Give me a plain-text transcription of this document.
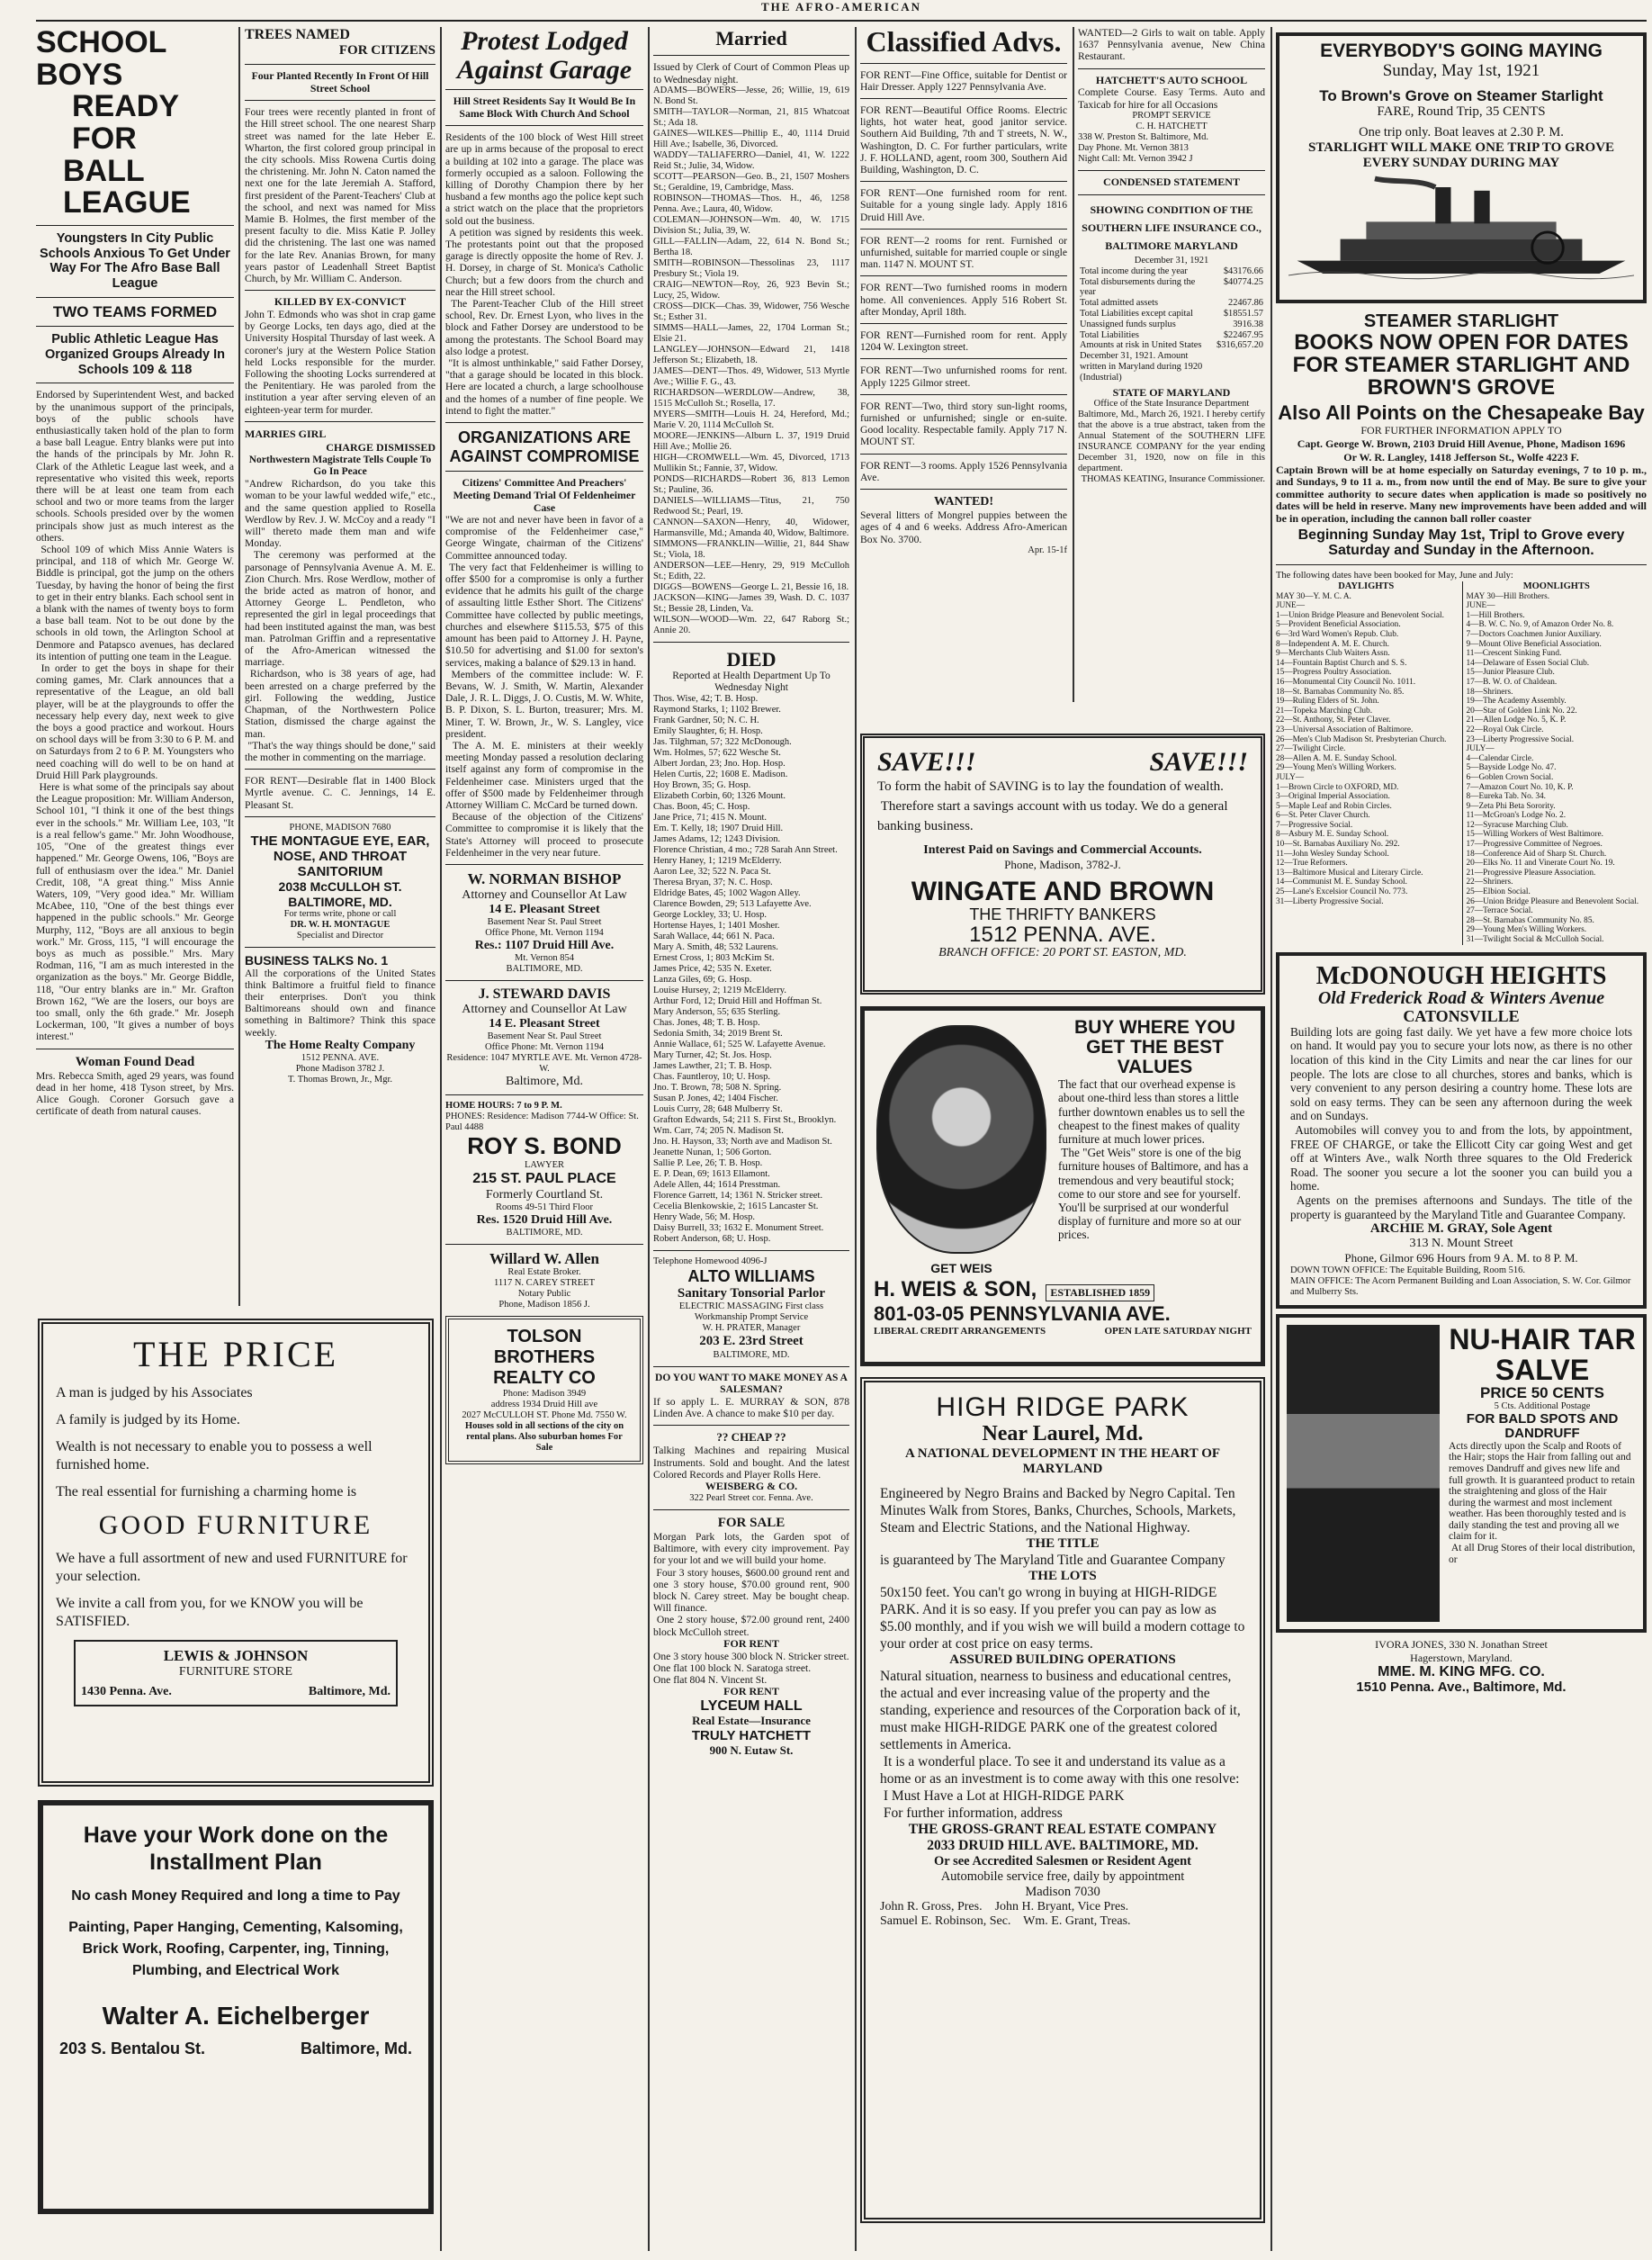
THE AFRO-AMERICAN
SCHOOL BOYS
READY FOR
BALL LEAGUE
Youngsters In City Public Schools Anxious To Get Under Way For The Afro Base Ball League
TWO TEAMS FORMED
Public Athletic League Has Organized Groups Already In Schools 109 & 118
Endorsed by Superintendent West, and backed by the unanimous support of the principals, boys of the public schools have enthusiastically taken hold of the plan to form a base ball League. Entry blanks were put into the hands of the principals by Mr. John R. Clark of the Athletic League last week, and a representative who visited this week, reports there will be at least one team from each school and two or more teams from the larger schools. Schools presided over by the women principals show just as much interest as the others.
School 109 of which Miss Annie Waters is principal, and 118 of which Mr. George W. Biddle is principal, got the jump on the others Tuesday, by having the honor of being the first to get in their entry blanks. Each school sent in a blank with the names of twenty boys to form a base ball team. Not to be out done by the schools in old town, the Arlington School at Denmore and Patapsco avenues, has declared its intention of putting one team in the League.
In order to get the boys in shape for their coming games, Mr. Clark announces that a representative of the League, an old ball player, will be at the playgrounds to offer the necessary help every day, next week to give the boys a good practice and workout. Hours on school days will be from 3:30 to 6 P. M. and on Saturdays from 2 to 6 P. M. Youngsters who need coaching will do well to be on hand at Druid Hill Park playgrounds.
Here is what some of the principals say about the League proposition: Mr. William Anderson, School 101, "I think it one of the best things ever in the schools." Mr. William Lee, 103, "It is a real fellow's game." Mr. John Woodhouse, 105, "One of the greatest things ever happened." Mr. George Owens, 106, "Boys are full of enthusiasm over the idea." Mr. Daniel Credit, 108, "A great thing." Miss Annie Waters, 109, "Very good idea." Mr. William McAbee, 110, "One of the best things ever happened in the public schools." Mr. George Murphy, 112, "Boys are all anxious to begin work." Mr. Gross, 115, "I will encourage the boys as much as possible." Mrs. Mary Rodman, 116, "I am as much interested in the organization as the boys." Mr. George Biddle, 118, "Our entry blanks are in." Mr. Grafton Brown 162, "We are the losers, our boys are too small, only the 6th grade." Mr. Joseph Lockerman, 100, "It gives a number of boys interest."
Woman Found Dead
Mrs. Rebecca Smith, aged 29 years, was found dead in her home, 418 Tyson street, by Mrs. Alice Gough. Coroner Gorsuch gave a certificate of death from natural causes.
THE PRICE
A man is judged by his Associates
A family is judged by its Home.
Wealth is not necessary to enable you to possess a well furnished home.
The real essential for furnishing a charming home is
GOOD FURNITURE
We have a full assortment of new and used FURNITURE for your selection.
We invite a call from you, for we KNOW you will be SATISFIED.
LEWIS & JOHNSON
FURNITURE STORE
1430 Penna. Ave.	Baltimore, Md.
Have your Work done on the Installment Plan
No cash Money Required and long a time to Pay
Painting, Paper Hanging, Cementing, Kalsoming, Brick Work, Roofing, Carpenter, ing, Tinning, Plumbing, and Electrical Work
Walter A. Eichelberger
203 S. Bentalou St.	Baltimore, Md.
TREES NAMED
FOR CITIZENS
Four Planted Recently In Front Of Hill Street School
Four trees were recently planted in front of the Hill street school. The one nearest Sharp street was named for the late Heber E. Wharton, the first colored group principal in the city schools. Miss Rowena Curtis doing the christening. Mr. John N. Caton named the next one for the late Jeremiah A. Stafford, first president of the Parent-Teachers' Club at the school, and next was named for Miss Mamie B. Holmes, the first member of the present faculty to die. Miss Katie P. Jolley did the christening. The last one was named for the late Rev. Ananias Brown, for many years pastor of Leadenhall Street Baptist Church, by Mr. William C. Anderson.
KILLED BY EX-CONVICT
John T. Edmonds who was shot in crap game by George Locks, ten days ago, died at the University Hospital Thursday of last week. A coroner's jury at the Western Police Station held Locks responsible for the murder. Following the shooting Locks surrendered at the Penitentiary. He was paroled from the institution a year after serving eleven of an eighteen-year term for murder.
MARRIES GIRL
CHARGE DISMISSED
Northwestern Magistrate Tells Couple To Go In Peace
"Andrew Richardson, do you take this woman to be your lawful wedded wife," etc., and the same question applied to Rosella Werdlow by Rev. J. W. McCoy and a ready "I will" thereto made them man and wife Monday.
The ceremony was performed at the parsonage of Pennsylvania Avenue A. M. E. Zion Church. Mrs. Rose Werdlow, mother of the bride acted as matron of honor, and Attorney George L. Pendleton, who represented the girl in legal proceedings that had been instituted against the man, was best man. Patrolman Griffin and a representative of the Afro-American witnessed the marriage.
Richardson, who is 38 years of age, had been arrested on a charge preferred by the girl. Following the wedding, Justice Chapman, of the Northwestern Police Station, dismissed the charge against the man.
"That's the way things should be done," said the mother in commenting on the marriage.
FOR RENT—Desirable flat in 1400 Block Myrtle avenue. C. C. Jennings, 14 E. Pleasant St.
PHONE, MADISON 7680
THE MONTAGUE EYE, EAR, NOSE, AND THROAT SANITORIUM
2038 McCULLOH ST.
BALTIMORE, MD.
For terms write, phone or call
DR. W. H. MONTAGUE
Specialist and Director
BUSINESS TALKS No. 1
All the corporations of the United States think Baltimore a fruitful field to finance their enterprises. Don't you think Baltimoreans should own and finance something in Baltimore? Think this space weekly.
The Home Realty Company
1512 PENNA. AVE.
Phone Madison 3782 J.
T. Thomas Brown, Jr., Mgr.
Protest Lodged Against Garage
Hill Street Residents Say It Would Be In Same Block With Church And School
Residents of the 100 block of West Hill street are up in arms because of the proposal to erect a building at 102 into a garage. The place was formerly occupied as a saloon. Following the killing of Dorothy Champion there by her husband a few months ago the police kept such a strict watch on the place that the proprietors sold out the business.
A petition was signed by residents this week. The protestants point out that the proposed garage is directly opposite the home of Rev. J. H. Dorsey, in charge of St. Monica's Catholic Church; but a few doors from the church and near the Hill street school.
The Parent-Teacher Club of the Hill street school, Rev. Dr. Ernest Lyon, who lives in the block and Father Dorsey are understood to be among the protestants. The School Board may also lodge a protest.
"It is almost unthinkable," said Father Dorsey, "that a garage should be located in this block. Here are located a church, a large schoolhouse and the homes of a number of fine people. We intend to fight the matter."
ORGANIZATIONS ARE AGAINST COMPROMISE
Citizens' Committee And Preachers' Meeting Demand Trial Of Feldenheimer Case
"We are not and never have been in favor of a compromise of the Feldenheimer case," George Wingate, chairman of the Citizens' Committee announced today.
The very fact that Feldenheimer is willing to offer $500 for a compromise is only a further evidence that he admits his guilt of the charge of assaulting little Esther Short. The Citizens' Committee have collected by public meetings, churches and elsewhere $115.53, $75 of this amount has been paid to Attorney J. H. Payne, $10.50 for advertising and $1.00 for sexton's services, making a balance of $29.13 in hand.
Members of the committee include: W. F. Bevans, W. J. Smith, W. Martin, Alexander Dale, J. R. L. Diggs, J. O. Custis, M. W. White, B. P. Dixon, S. L. Burton, treasurer; Mrs. M. Miner, T. W. Brown, Jr., W. S. Langley, vice president.
The A. M. E. ministers at their weekly meeting Monday passed a resolution declaring itself against any form of compromise in the Feldenheimer case. Ministers urged that the offer of $500 made by Feldenheimer through Attorney William C. McCard be turned down.
Because of the objection of the Citizens' Committee to compromise it is likely that the State's Attorney will proceed to prosecute Feldenheimer in the very near future.
W. NORMAN BISHOP
Attorney and Counsellor At Law
14 E. Pleasant Street
Basement Near St. Paul Street
Office Phone, Mt. Vernon 1194
Res.: 1107 Druid Hill Ave.
Mt. Vernon 854
BALTIMORE, MD.
J. STEWARD DAVIS
Attorney and Counsellor At Law
14 E. Pleasant Street
Basement Near St. Paul Street
Office Phone: Mt. Vernon 1194
Residence: 1047 MYRTLE AVE. Mt. Vernon 4728-W.
Baltimore, Md.
HOME HOURS: 7 to 9 P. M.
PHONES: Residence: Madison 7744-W Office: St. Paul 4488
ROY S. BOND
LAWYER
215 ST. PAUL PLACE
Formerly Courtland St.
Rooms 49-51 Third Floor
Res. 1520 Druid Hill Ave.
BALTIMORE, MD.
Willard W. Allen
Real Estate Broker.
1117 N. CAREY STREET
Notary Public
Phone, Madison 1856 J.
TOLSON BROTHERS REALTY CO
Phone: Madison 3949
address 1934 Druid Hill ave
2027 McCULLOH ST. Phone Md. 7550 W.
Houses sold in all sections of the city on rental plans. Also suburban homes For Sale
Married
Issued by Clerk of Court of Common Pleas up to Wednesday night.
ADAMS—BOWERS—Jesse, 26; Willie, 19, 619 N. Bond St.
SMITH—TAYLOR—Norman, 21, 815 Whatcoat St.; Ada 18.
GAINES—WILKES—Phillip E., 40, 1114 Druid Hill Ave.; Isabelle, 36, Divorced.
WADDY—TALIAFERRO—Daniel, 41, W. 1222 Reid St.; Julie, 34, Widow.
SCOTT—PEARSON—Geo. B., 21, 1507 Moshers St.; Geraldine, 19, Cambridge, Mass.
ROBINSON—THOMAS—Thos. H., 46, 1258 Penna. Ave.; Laura, 40, Widow.
COLEMAN—JOHNSON—Wm. 40, W. 1715 Division St.; Julia, 39, W.
GILL—FALLIN—Adam, 22, 614 N. Bond St.; Bertha 18.
SMITH—ROBINSON—Thessolinas 23, 1117 Presbury St.; Viola 19.
CRAIG—NEWTON—Roy, 26, 923 Bevin St.; Lucy, 25, Widow.
CROSS—DICK—Chas. 39, Widower, 756 Wesche St.; Esther 31.
SIMMS—HALL—James, 22, 1704 Lorman St.; Elsie 21.
LANGLEY—JOHNSON—Edward 21, 1418 Jefferson St.; Elizabeth, 18.
JAMES—DENT—Thos. 49, Widower, 513 Myrtle Ave.; Willie F. G., 43.
RICHARDSON—WERDLOW—Andrew, 38, 1515 McCulloh St.; Rosella, 17.
MYERS—SMITH—Louis H. 24, Hereford, Md.; Marie V. 20, 1114 McCulloh St.
MOORE—JENKINS—Alburn L. 37, 1919 Druid Hill Ave.; Mollie 26.
HIGH—CROMWELL—Wm. 45, Divorced, 1713 Mullikin St.; Fannie, 37, Widow.
PONDS—RICHARDS—Robert 36, 813 Lemon St.; Pauline, 36.
DANIELS—WILLIAMS—Titus, 21, 750 Redwood St.; Pearl, 19.
CANNON—SAXON—Henry, 40, Widower, Harmansville, Md.; Amanda 40, Widow, Baltimore.
SIMMONS—FRANKLIN—Willie, 21, 844 Shaw St.; Viola, 18.
ANDERSON—LEE—Henry, 29, 919 McCulloh St.; Edith, 22.
DIGGS—BOWENS—George L. 21, Bessie 16, 18.
JACKSON—KING—James 39, Wash. D. C. 1037 St.; Bessie 28, Linden, Va.
WILSON—WOOD—Wm. 22, 647 Raborg St.; Annie 20.
DIED
Reported at Health Department Up To Wednesday Night
Thos. Wise, 42; T. B. Hosp.
Raymond Starks, 1; 1102 Brewer.
Frank Gardner, 50; N. C. H.
Emily Slaughter, 6; H. Hosp.
Jas. Tilghman, 57; 322 McDonough.
Wm. Holmes, 57; 622 Wesche St.
Albert Jordan, 23; Jno. Hop. Hosp.
Helen Curtis, 22; 1608 E. Madison.
Hoy Brown, 35; G. Hosp.
Elizabeth Corbin, 60; 1326 Mount.
Chas. Boon, 45; C. Hosp.
Jane Price, 71; 415 N. Mount.
Em. T. Kelly, 18; 1907 Druid Hill.
James Adams, 12; 1243 Division.
Florence Christian, 4 mo.; 728 Sarah Ann Street.
Henry Haney, 1; 1219 McElderry.
Aaron Lee, 32; 522 N. Paca St.
Theresa Bryan, 37; N. C. Hosp.
Eldridge Bates, 45; 1002 Wagon Alley.
Clarence Bowden, 29; 513 Lafayette Ave.
George Lockley, 33; U. Hosp.
Hortense Hayes, 1; 1401 Mosher.
Sarah Wallace, 44; 661 N. Paca.
Mary A. Smith, 48; 532 Laurens.
Ernest Cross, 1; 803 McKim St.
James Price, 42; 535 N. Exeter.
Lanza Giles, 69; G. Hosp.
Louise Hursey, 2; 1219 McElderry.
Arthur Ford, 12; Druid Hill and Hoffman St.
Mary Anderson, 55; 635 Sterling.
Chas. Jones, 48; T. B. Hosp.
Sedonia Smith, 34; 2019 Brent St.
Annie Wallace, 61; 525 W. Lafayette Avenue.
Mary Turner, 42; St. Jos. Hosp.
James Lawther, 21; T. B. Hosp.
Chas. Fauntleroy, 10; U. Hosp.
Jno. T. Brown, 78; 508 N. Spring.
Susan P. Jones, 42; 1404 Fischer.
Louis Curry, 28; 648 Mulberry St.
Grafton Edwards, 54; 211 S. First St., Brooklyn.
Wm. Carr, 74; 205 N. Madison St.
Jno. H. Hayson, 33; North ave and Madison St.
Jeanette Nunan, 1; 506 Gorton.
Sallie P. Lee, 26; T. B. Hosp.
E. P. Dean, 69; 1613 Ellamont.
Adele Allen, 44; 1614 Presstman.
Florence Garrett, 14; 1361 N. Stricker street.
Cecelia Blenkowskie, 2; 1615 Lancaster St.
Henry Wade, 56; M. Hosp.
Daisy Burrell, 33; 1632 E. Monument Street.
Robert Anderson, 68; U. Hosp.
Telephone Homewood 4096-J
ALTO WILLIAMS
Sanitary Tonsorial Parlor
ELECTRIC MASSAGING First class Workmanship Prompt Service
W. H. PRATER, Manager
203 E. 23rd Street
BALTIMORE, MD.
DO YOU WANT TO MAKE MONEY AS A SALESMAN?
If so apply L. E. MURRAY & SON, 878 Linden Ave. A chance to make $10 per day.
?? CHEAP ??
Talking Machines and repairing Musical Instruments. Sold and bought. And the latest Colored Records and Player Rolls Here.
WEISBERG & CO.
322 Pearl Street cor. Fenna. Ave.
FOR SALE
Morgan Park lots, the Garden spot of Baltimore, with every city improvement. Pay for your lot and we will build your home.
Four 3 story houses, $600.00 ground rent and one 3 story house, $70.00 ground rent, 900 block N. Carey street. May be bought cheap. Will finance.
One 2 story house, $72.00 ground rent, 2400 block McCulloh street.
FOR RENT
One 3 story house 300 block N. Stricker street.
One flat 100 block N. Saratoga street.
One flat 804 N. Vincent St.
FOR RENT
LYCEUM HALL
Real Estate—Insurance
TRULY HATCHETT
900 N. Eutaw St.
Classified Advs.
FOR RENT—Fine Office, suitable for Dentist or Hair Dresser. Apply 1227 Pennsylvania Ave.
FOR RENT—Beautiful Office Rooms. Electric lights, hot water heat, good janitor service. Southern Aid Building, 7th and T streets, N. W., Washington, D. C. For further particulars, write J. F. HOLLAND, agent, room 300, Southern Aid Building, Washington, D. C.
FOR RENT—One furnished room for rent. Suitable for a young single lady. Apply 1816 Druid Hill Ave.
FOR RENT—2 rooms for rent. Furnished or unfurnished, suitable for married couple or single man. 1147 N. MOUNT ST.
FOR RENT—Two furnished rooms in modern home. All conveniences. Apply 516 Robert St. after Monday, April 18th.
FOR RENT—Furnished room for rent. Apply 1204 W. Lexington street.
FOR RENT—Two unfurnished rooms for rent. Apply 1225 Gilmor street.
FOR RENT—Two, third story sun-light rooms, furnished or unfurnished; single or en-suite. Good locality. Respectable family. Apply 717 N. MOUNT ST.
FOR RENT—3 rooms. Apply 1526 Pennsylvania Ave.
WANTED!
Several litters of Mongrel puppies between the ages of 4 and 6 weeks. Address Afro-American Box No. 3700.
Apr. 15-1f
WANTED—2 Girls to wait on table. Apply 1637 Pennsylvania avenue, New China Restaurant.
HATCHETT'S AUTO SCHOOL
Complete Course. Easy Terms. Auto and Taxicab for hire for all Occasions
PROMPT SERVICE
C. H. HATCHETT
338 W. Preston St. Baltimore, Md.
Day Phone. Mt. Vernon 3813
Night Call: Mt. Vernon 3942 J
CONDENSED STATEMENT
SHOWING CONDITION OF THE SOUTHERN LIFE INSURANCE CO., BALTIMORE MARYLAND
December 31, 1921
Total income during the year	$43176.66
Total disbursements during the year	$40774.25
Total admitted assets	22467.86
Total Liabilities except capital	$18551.57
Unassigned funds surplus	3916.38
Total Liabilities	$22467.95
Amounts at risk in United States December 31, 1921. Amount written in Maryland during 1920 (Industrial)	$316,657.20
STATE OF MARYLAND
Office of the State Insurance Department
Baltimore, Md., March 26, 1921. I hereby certify that the above is a true abstract, taken from the Annual Statement of the SOUTHERN LIFE INSURANCE COMPANY for the year ending December 31, 1920, now on file in this department.
THOMAS KEATING, Insurance Commissioner.
SAVE!!!	SAVE!!!
To form the habit of SAVING is to lay the foundation of wealth.
Therefore start a savings account with us today. We do a general banking business.
Interest Paid on Savings and Commercial Accounts.
Phone, Madison, 3782-J.
WINGATE AND BROWN
THE THRIFTY BANKERS
1512 PENNA. AVE.
BRANCH OFFICE: 20 PORT ST. EASTON, MD.
GET WEIS
BUY WHERE YOU GET THE BEST VALUES
The fact that our overhead expense is about one-third less than stores a little further downtown enables us to sell the cheapest to the finest makes of quality furniture at much lower prices.
The "Get Weis" store is one of the big furniture houses of Baltimore, and has a tremendous and very beautiful stock; come to our store and see for yourself. You'll be surprised at our wonderful display of furniture and more so at our prices.
H. WEIS & SON,	ESTABLISHED 1859
801-03-05 PENNSYLVANIA AVE.
LIBERAL CREDIT ARRANGEMENTS	OPEN LATE SATURDAY NIGHT
HIGH RIDGE PARK
Near Laurel, Md.
A NATIONAL DEVELOPMENT IN THE HEART OF MARYLAND
Engineered by Negro Brains and Backed by Negro Capital. Ten Minutes Walk from Stores, Banks, Churches, Schools, Markets, Steam and Electric Stations, and the National Highway.
THE TITLE
is guaranteed by The Maryland Title and Guarantee Company
THE LOTS
50x150 feet. You can't go wrong in buying at HIGH-RIDGE PARK. And it is so easy. If you prefer you can pay as low as $5.00 monthly, and if you wish we will build a modern cottage to your order at cost price on easy terms.
ASSURED BUILDING OPERATIONS
Natural situation, nearness to business and educational centres, the actual and ever increasing value of the property and the standing, experience and resources of the Corporation back of it, must make HIGH-RIDGE PARK one of the greatest colored settlements in America.
It is a wonderful place. To see it and understand its value as a home or as an investment is to come away with this one resolve:
I Must Have a Lot at HIGH-RIDGE PARK
For further information, address
THE GROSS-GRANT REAL ESTATE COMPANY
2033 DRUID HILL AVE. BALTIMORE, MD.
Or see Accredited Salesmen or Resident Agent
Automobile service free, daily by appointment
Madison 7030
John R. Gross, Pres.    John H. Bryant, Vice Pres.
Samuel E. Robinson, Sec.    Wm. E. Grant, Treas.
EVERYBODY'S GOING MAYING
Sunday, May 1st, 1921
To Brown's Grove on Steamer Starlight
FARE, Round Trip, 35 CENTS
One trip only. Boat leaves at 2.30 P. M.
STARLIGHT WILL MAKE ONE TRIP TO GROVE
EVERY SUNDAY DURING MAY
STEAMER STARLIGHT
BOOKS NOW OPEN FOR DATES
FOR STEAMER STARLIGHT AND BROWN'S GROVE
Also All Points on the Chesapeake Bay
FOR FURTHER INFORMATION APPLY TO
Capt. George W. Brown, 2103 Druid Hill Avenue, Phone, Madison 1696
Or W. R. Langley, 1418 Jefferson St., Wolfe 4223 F.
Captain Brown will be at home especially on Saturday evenings, 7 to 10 p. m., and Sundays, 9 to 11 a. m., from now until the end of May. Be sure to give your committee authority to secure dates when application is made so positively no dates will be held in reserve. Many new improvements have been added and will be in operation, including the cannon ball roller coaster
Beginning Sunday May 1st, Tripl to Grove every Saturday and Sunday in the Afternoon.
The following dates have been booked for May, June and July:
DAYLIGHTS
MAY 30—Y. M. C. A.
JUNE—
1—Union Bridge Pleasure and Benevolent Social.
5—Provident Beneficial Association.
6—3rd Ward Women's Repub. Club.
8—Independent A. M. E. Church.
9—Merchants Club Waiters Assn.
14—Fountain Baptist Church and S. S.
15—Progress Poultry Association.
16—Monumental City Council No. 1011.
18—St. Barnabas Community No. 85.
19—Ruling Elders of St. John.
21—Topeka Marching Club.
22—St. Anthony, St. Peter Claver.
23—Universal Association of Baltimore.
26—Men's Club Madison St. Presbyterian Church.
27—Twilight Circle.
28—Allen A. M. E. Sunday School.
29—Young Men's Willing Workers.
JULY—
1—Brown Circle to OXFORD, MD.
3—Original Imperial Association.
5—Maple Leaf and Robin Circles.
6—St. Peter Claver Church.
7—Progressive Social.
8—Asbury M. E. Sunday School.
10—St. Barnabas Auxiliary No. 292.
11—John Wesley Sunday School.
12—True Reformers.
13—Baltimore Musical and Literary Circle.
14—Communist M. E. Sunday School.
25—Lane's Excelsior Council No. 773.
31—Liberty Progressive Social.
MOONLIGHTS
MAY 30—Hill Brothers.
JUNE—
1—Hill Brothers.
4—B. W. C. No. 9, of Amazon Order No. 8.
7—Doctors Coachmen Junior Auxiliary.
9—Mount Olive Beneficial Association.
11—Crescent Sinking Fund.
14—Delaware of Essen Social Club.
15—Junior Pleasure Club.
17—B. W. O. of Chaldean.
18—Shriners.
19—The Academy Assembly.
20—Star of Golden Link No. 22.
21—Allen Lodge No. 5, K. P.
22—Royal Oak Circle.
23—Liberty Progressive Social.
JULY—
4—Calendar Circle.
5—Bayside Lodge No. 47.
6—Goblen Crown Social.
7—Amazon Court No. 10, K. P.
8—Eureka Tab. No. 34.
9—Zeta Phi Beta Sorority.
11—McGroan's Lodge No. 2.
12—Syracuse Marching Club.
15—Willing Workers of West Baltimore.
17—Progressive Committee of Negroes.
18—Conference Aid of Sharp St. Church.
20—Elks No. 11 and Vinerate Court No. 19.
21—Progressive Pleasure Association.
22—Shriners.
25—Elbion Social.
26—Union Bridge Pleasure and Benevolent Social.
27—Terrace Social.
28—St. Barnabas Community No. 85.
29—Young Men's Willing Workers.
31—Twilight Social & McCulloh Social.
McDONOUGH HEIGHTS
Old Frederick Road & Winters Avenue
CATONSVILLE
Building lots are going fast daily. We yet have a few more choice lots on hand. It would pay you to secure your lots now, as there is no other location of this kind in the City Limits and near the car lines for our people. The lots are close to all churches, stores and banks, which is very convenient to any person desiring a country home. These lots are sold on easy terms. They can be seen any afternoon during the week and on Sundays.
Automobiles will convey you to and from the lots, by appointment, FREE OF CHARGE, or take the Ellicott City car going West and get off at Winters Ave., walk North three squares to the Old Frederick Road. The sooner you secure a lot the sooner you can build you a home.
Agents on the premises afternoons and Sundays. The title of the property is guaranteed by the Maryland Title and Guarantee Company.
ARCHIE M. GRAY, Sole Agent
313 N. Mount Street
Phone, Gilmor 696 Hours from 9 A. M. to 8 P. M.
DOWN TOWN OFFICE: The Equitable Building, Room 516.
MAIN OFFICE: The Acorn Permanent Building and Loan Association, S. W. Cor. Gilmor and Mulberry Sts.
NU-HAIR TAR SALVE
PRICE 50 CENTS
5 Cts. Additional Postage
FOR BALD SPOTS AND DANDRUFF
Acts directly upon the Scalp and Roots of the Hair; stops the Hair from falling out and removes Dandruff and gives new life and full growth. It is guaranteed product to retain the straightening and gloss of the Hair during the warmest and most inclement weather. Has been thoroughly tested and is daily standing the test and proving all we claim for it.
At all Drug Stores of their local distribution, or
IVORA JONES, 330 N. Jonathan Street
Hagerstown, Maryland.
MME. M. KING MFG. CO.
1510 Penna. Ave., Baltimore, Md.
